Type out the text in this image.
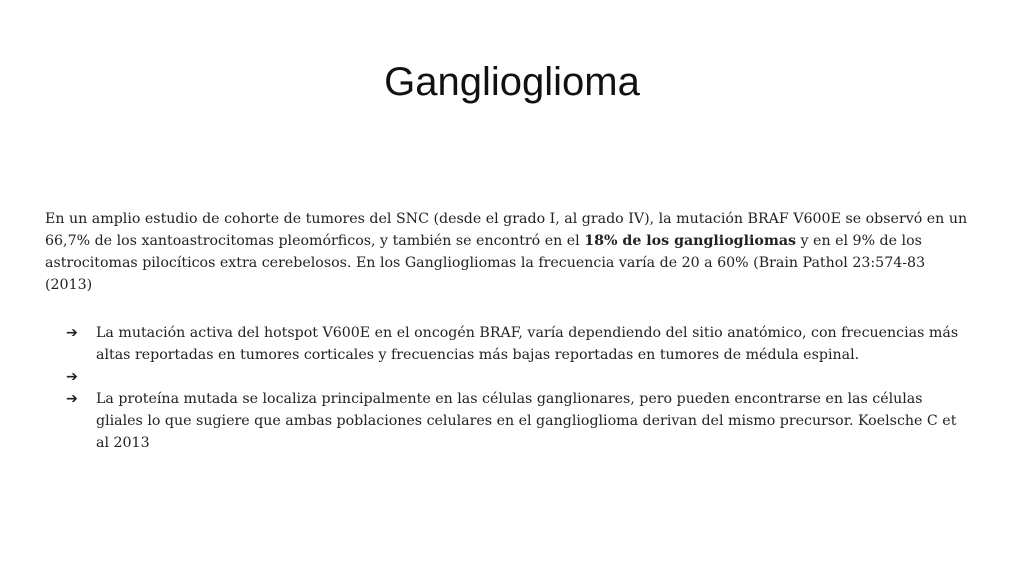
Ganglioglioma

En un amplio estudio de cohorte de tumores del SNC (desde el grado I, al grado IV), la mutación BRAF V600E se observó en un 66,7% de los xantoastrocitomas pleomórficos, y también se encontró en el 18% de los gangliogliomas y en el 9% de los astrocitomas pilocíticos extra cerebelosos. En los Gangliogliomas la frecuencia varía de 20 a 60% (Brain Pathol 23:574-83 (2013)

➔ La mutación activa del hotspot V600E en el oncogén BRAF, varía dependiendo del sitio anatómico, con frecuencias más altas reportadas en tumores corticales y frecuencias más bajas reportadas en tumores de médula espinal.
➔
➔ La proteína mutada se localiza principalmente en las células ganglionares, pero pueden encontrarse en las células gliales lo que sugiere que ambas poblaciones celulares en el ganglioglioma derivan del mismo precursor. Koelsche C et al 2013
